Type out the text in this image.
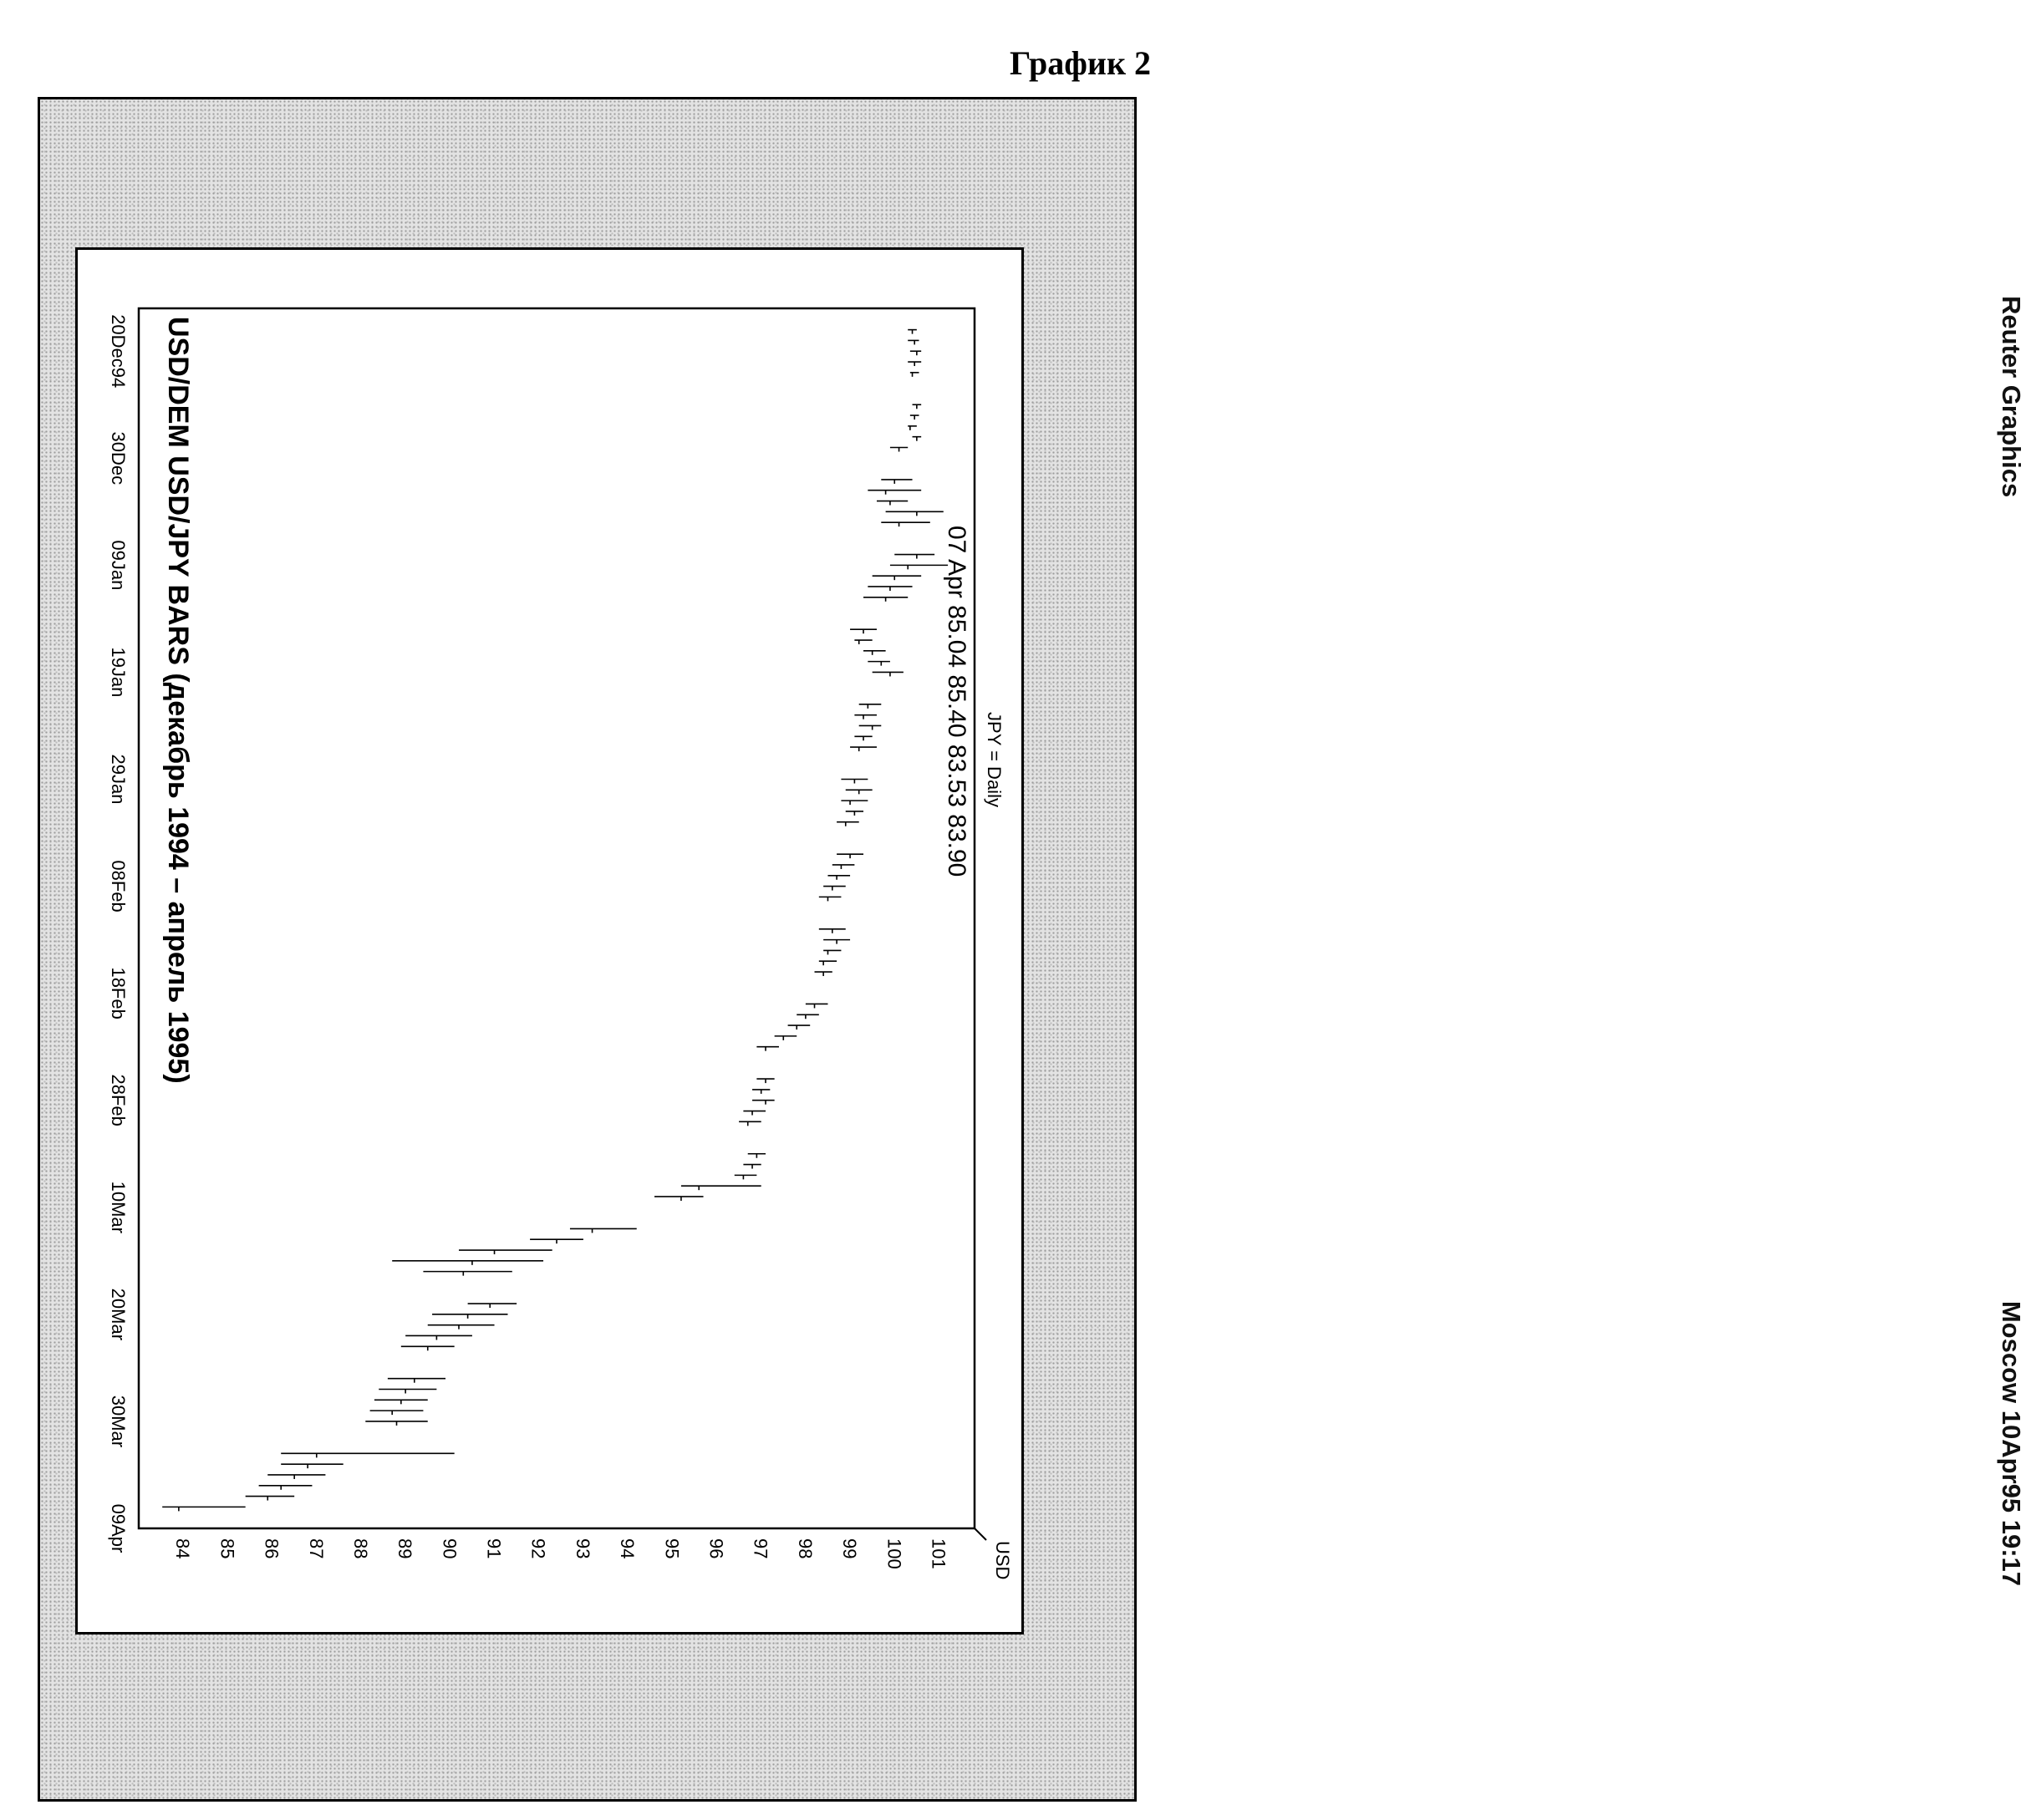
График 2
Reuter Graphics
Moscow 10Apr95 19:17
JPY = Daily
07 Apr 85.04 85.40 83.53 83.90
USD
USD/DEM USD/JPY BARS (декабрь 1994 – апрель 1995)
84 85 86 87 88 89 90 91 92 93 94 95 96 97 98 99 100 101
20Dec94
30Dec
09Jan
19Jan
29Jan
08Feb
18Feb
28Feb
10Mar
20Mar
30Mar
09Apr
